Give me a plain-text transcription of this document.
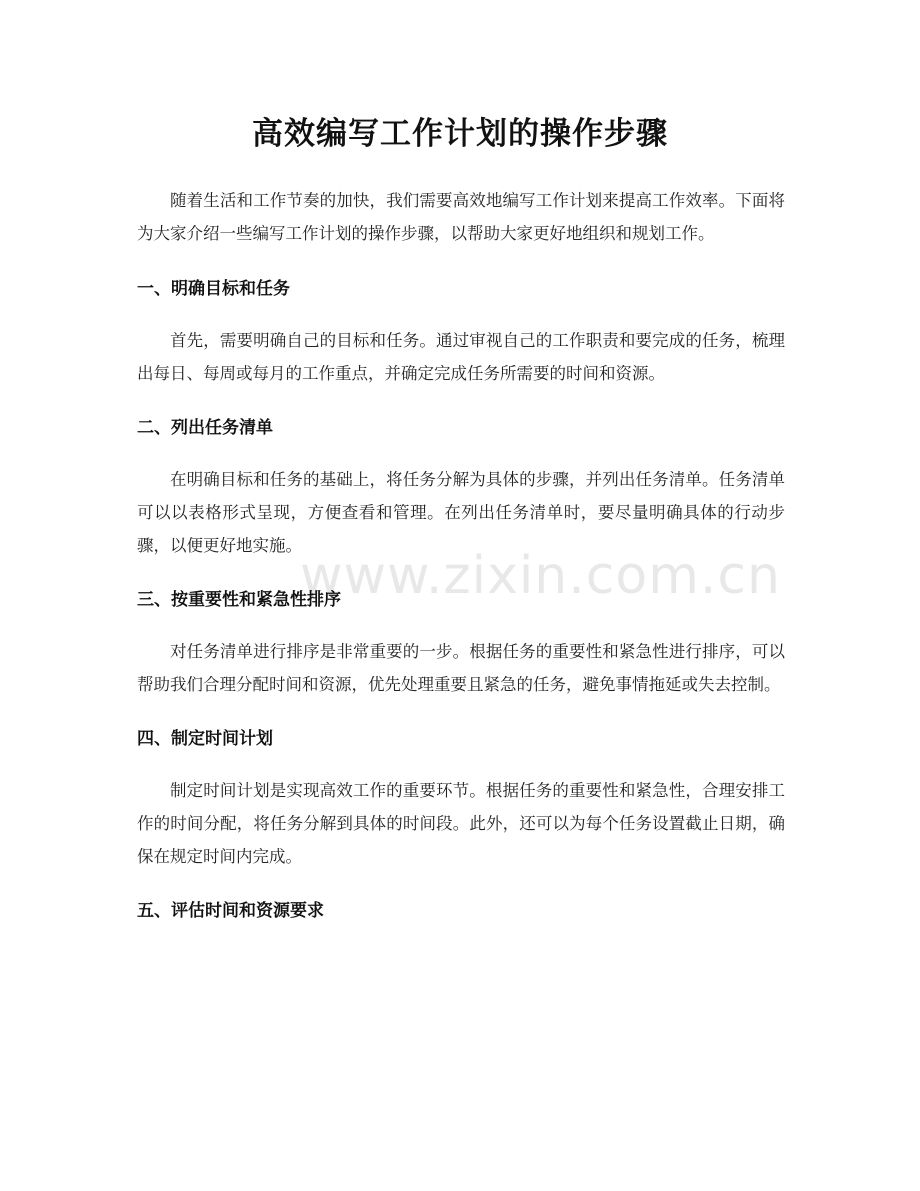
www.zixin.com.cn
高效编写工作计划的操作步骤

随着生活和工作节奏的加快，我们需要高效地编写工作计划来提高工作效率。下面将为大家介绍一些编写工作计划的操作步骤，以帮助大家更好地组织和规划工作。

一、明确目标和任务

首先，需要明确自己的目标和任务。通过审视自己的工作职责和要完成的任务，梳理出每日、每周或每月的工作重点，并确定完成任务所需要的时间和资源。

二、列出任务清单

在明确目标和任务的基础上，将任务分解为具体的步骤，并列出任务清单。任务清单可以以表格形式呈现，方便查看和管理。在列出任务清单时，要尽量明确具体的行动步骤，以便更好地实施。

三、按重要性和紧急性排序

对任务清单进行排序是非常重要的一步。根据任务的重要性和紧急性进行排序，可以帮助我们合理分配时间和资源，优先处理重要且紧急的任务，避免事情拖延或失去控制。

四、制定时间计划

制定时间计划是实现高效工作的重要环节。根据任务的重要性和紧急性，合理安排工作的时间分配，将任务分解到具体的时间段。此外，还可以为每个任务设置截止日期，确保在规定时间内完成。

五、评估时间和资源要求
